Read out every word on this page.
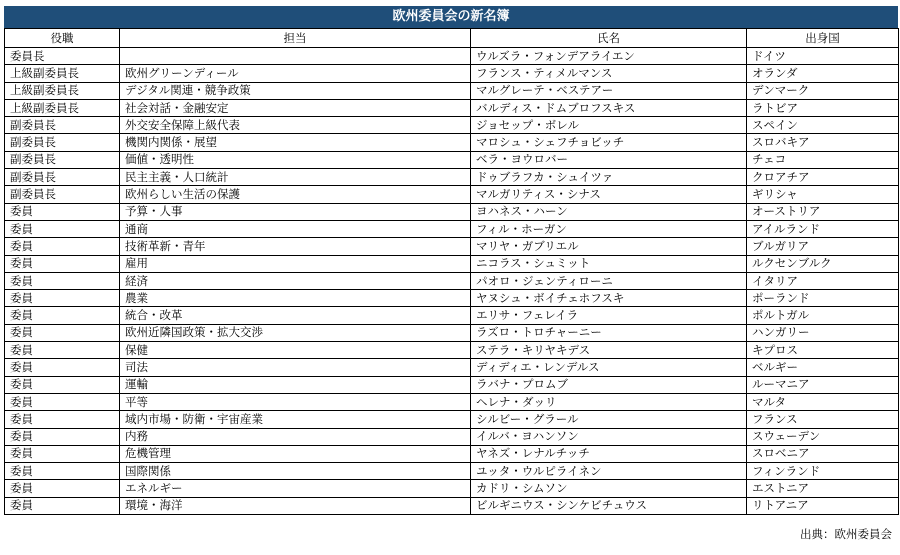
欧州委員会の新名簿
役職	担当	氏名	出身国
委員長		ウルズラ・フォンデアライエン	ドイツ
上級副委員長	欧州グリーンディール	フランス・ティメルマンス	オランダ
上級副委員長	デジタル関連・競争政策	マルグレーテ・ベステアー	デンマーク
上級副委員長	社会対話・金融安定	バルディス・ドムブロフスキス	ラトビア
副委員長	外交安全保障上級代表	ジョセップ・ボレル	スペイン
副委員長	機関内関係・展望	マロシュ・シェフチョビッチ	スロバキア
副委員長	価値・透明性	ベラ・ヨウロバー	チェコ
副委員長	民主主義・人口統計	ドゥブラフカ・シュイツァ	クロアチア
副委員長	欧州らしい生活の保護	マルガリティス・シナス	ギリシャ
委員	予算・人事	ヨハネス・ハーン	オーストリア
委員	通商	フィル・ホーガン	アイルランド
委員	技術革新・青年	マリヤ・ガブリエル	ブルガリア
委員	雇用	ニコラス・シュミット	ルクセンブルク
委員	経済	パオロ・ジェンティローニ	イタリア
委員	農業	ヤヌシュ・ボイチェホフスキ	ポーランド
委員	統合・改革	エリサ・フェレイラ	ポルトガル
委員	欧州近隣国政策・拡大交渉	ラズロ・トロチャーニー	ハンガリー
委員	保健	ステラ・キリヤキデス	キプロス
委員	司法	ディディエ・レンデルス	ベルギー
委員	運輸	ラバナ・プロムブ	ルーマニア
委員	平等	ヘレナ・ダッリ	マルタ
委員	域内市場・防衛・宇宙産業	シルビー・グラール	フランス
委員	内務	イルバ・ヨハンソン	スウェーデン
委員	危機管理	ヤネズ・レナルチッチ	スロベニア
委員	国際関係	ユッタ・ウルピライネン	フィンランド
委員	エネルギー	カドリ・シムソン	エストニア
委員	環境・海洋	ビルギニウス・シンケビチュウス	リトアニア
出典：欧州委員会
